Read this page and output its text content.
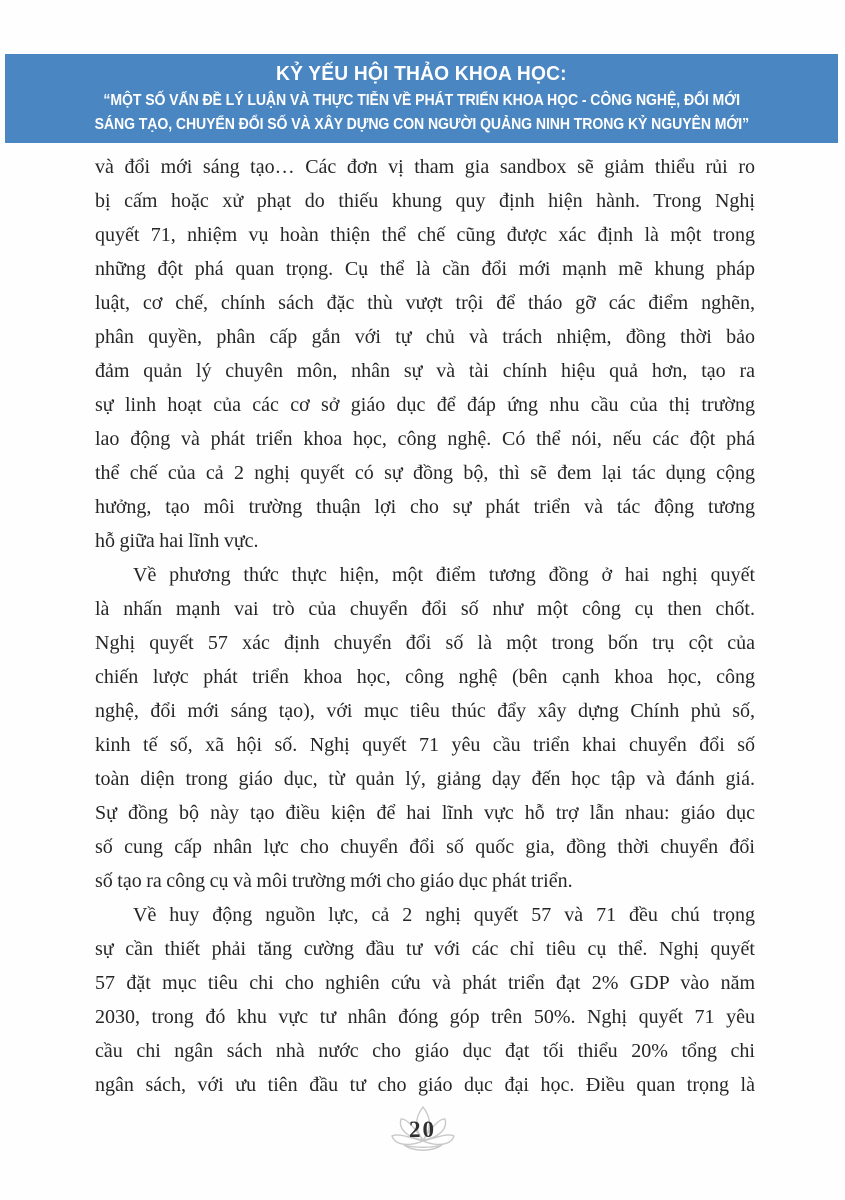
KỶ YẾU HỘI THẢO KHOA HỌC:
“MỘT SỐ VẤN ĐỀ LÝ LUẬN VÀ THỰC TIỄN VỀ PHÁT TRIỂN KHOA HỌC - CÔNG NGHỆ, ĐỔI MỚI
SÁNG TẠO, CHUYỂN ĐỔI SỐ VÀ XÂY DỰNG CON NGƯỜI QUẢNG NINH TRONG KỶ NGUYÊN MỚI”
và đổi mới sáng tạo… Các đơn vị tham gia sandbox sẽ giảm thiểu rủi ro
bị cấm hoặc xử phạt do thiếu khung quy định hiện hành. Trong Nghị
quyết 71, nhiệm vụ hoàn thiện thể chế cũng được xác định là một trong
những đột phá quan trọng. Cụ thể là cần đổi mới mạnh mẽ khung pháp
luật, cơ chế, chính sách đặc thù vượt trội để tháo gỡ các điểm nghẽn,
phân quyền, phân cấp gắn với tự chủ và trách nhiệm, đồng thời bảo
đảm quản lý chuyên môn, nhân sự và tài chính hiệu quả hơn, tạo ra
sự linh hoạt của các cơ sở giáo dục để đáp ứng nhu cầu của thị trường
lao động và phát triển khoa học, công nghệ. Có thể nói, nếu các đột phá
thể chế của cả 2 nghị quyết có sự đồng bộ, thì sẽ đem lại tác dụng cộng
hưởng, tạo môi trường thuận lợi cho sự phát triển và tác động tương
hỗ giữa hai lĩnh vực.
Về phương thức thực hiện, một điểm tương đồng ở hai nghị quyết
là nhấn mạnh vai trò của chuyển đổi số như một công cụ then chốt.
Nghị quyết 57 xác định chuyển đổi số là một trong bốn trụ cột của
chiến lược phát triển khoa học, công nghệ (bên cạnh khoa học, công
nghệ, đổi mới sáng tạo), với mục tiêu thúc đẩy xây dựng Chính phủ số,
kinh tế số, xã hội số. Nghị quyết 71 yêu cầu triển khai chuyển đổi số
toàn diện trong giáo dục, từ quản lý, giảng dạy đến học tập và đánh giá.
Sự đồng bộ này tạo điều kiện để hai lĩnh vực hỗ trợ lẫn nhau: giáo dục
số cung cấp nhân lực cho chuyển đổi số quốc gia, đồng thời chuyển đổi
số tạo ra công cụ và môi trường mới cho giáo dục phát triển.
Về huy động nguồn lực, cả 2 nghị quyết 57 và 71 đều chú trọng
sự cần thiết phải tăng cường đầu tư với các chỉ tiêu cụ thể. Nghị quyết
57 đặt mục tiêu chi cho nghiên cứu và phát triển đạt 2% GDP vào năm
2030, trong đó khu vực tư nhân đóng góp trên 50%. Nghị quyết 71 yêu
cầu chi ngân sách nhà nước cho giáo dục đạt tối thiểu 20% tổng chi
ngân sách, với ưu tiên đầu tư cho giáo dục đại học. Điều quan trọng là
20
